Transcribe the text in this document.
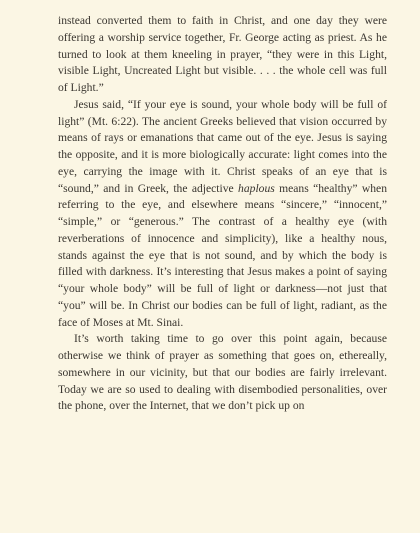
instead converted them to faith in Christ, and one day they were offering a worship service together, Fr. George acting as priest. As he turned to look at them kneeling in prayer, “they were in this Light, visible Light, Uncreated Light but visible. . . . the whole cell was full of Light.”

Jesus said, “If your eye is sound, your whole body will be full of light” (Mt. 6:22). The ancient Greeks believed that vision occurred by means of rays or emanations that came out of the eye. Jesus is saying the opposite, and it is more biologically accurate: light comes into the eye, carrying the image with it. Christ speaks of an eye that is “sound,” and in Greek, the adjective haplous means “healthy” when referring to the eye, and elsewhere means “sincere,” “innocent,” “simple,” or “generous.” The contrast of a healthy eye (with reverberations of innocence and simplicity), like a healthy nous, stands against the eye that is not sound, and by which the body is filled with darkness. It’s interesting that Jesus makes a point of saying “your whole body” will be full of light or darkness—not just that “you” will be. In Christ our bodies can be full of light, radiant, as the face of Moses at Mt. Sinai.

It’s worth taking time to go over this point again, because otherwise we think of prayer as something that goes on, ethereally, somewhere in our vicinity, but that our bodies are fairly irrelevant. Today we are so used to dealing with disembodied personalities, over the phone, over the Internet, that we don’t pick up on
